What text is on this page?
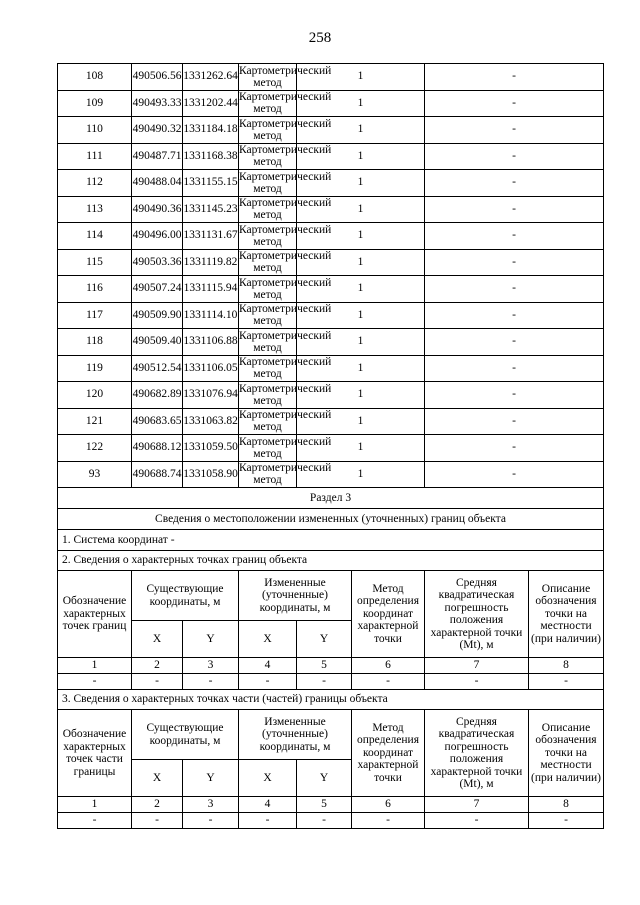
258
108	490506.56	1331262.64	Картометрический метод	1		-	
109	490493.33	1331202.44	Картометрический метод	1		-	
110	490490.32	1331184.18	Картометрический метод	1		-	
111	490487.71	1331168.38	Картометрический метод	1		-	
112	490488.04	1331155.15	Картометрический метод	1		-	
113	490490.36	1331145.23	Картометрический метод	1		-	
114	490496.00	1331131.67	Картометрический метод	1		-	
115	490503.36	1331119.82	Картометрический метод	1		-	
116	490507.24	1331115.94	Картометрический метод	1		-	
117	490509.90	1331114.10	Картометрический метод	1		-	
118	490509.40	1331106.88	Картометрический метод	1		-	
119	490512.54	1331106.05	Картометрический метод	1		-	
120	490682.89	1331076.94	Картометрический метод	1		-	
121	490683.65	1331063.82	Картометрический метод	1		-	
122	490688.12	1331059.50	Картометрический метод	1		-	
93	490688.74	1331058.90	Картометрический метод	1		-	
Раздел 3							
Сведения о местоположении измененных (уточненных) границ объекта							
1. Система координат -							
2. Сведения о характерных точках границ объекта							
Обозначение характерных точек границ	Существующие координаты, м		Измененные (уточненные) координаты, м		Метод определения координат характерной точки	Средняя квадратическая погрешность положения характерной точки (Mt), м	Описание обозначения точки на местности (при наличии)
	X	Y	X	Y			
1	2	3	4	5	6	7	8
-	-	-	-	-	-	-	-
3. Сведения о характерных точках части (частей) границы объекта							
Обозначение характерных точек части границы	Существующие координаты, м		Измененные (уточненные) координаты, м		Метод определения координат характерной точки	Средняя квадратическая погрешность положения характерной точки (Mt), м	Описание обозначения точки на местности (при наличии)
	X	Y	X	Y			
1	2	3	4	5	6	7	8
-	-	-	-	-	-	-	-
